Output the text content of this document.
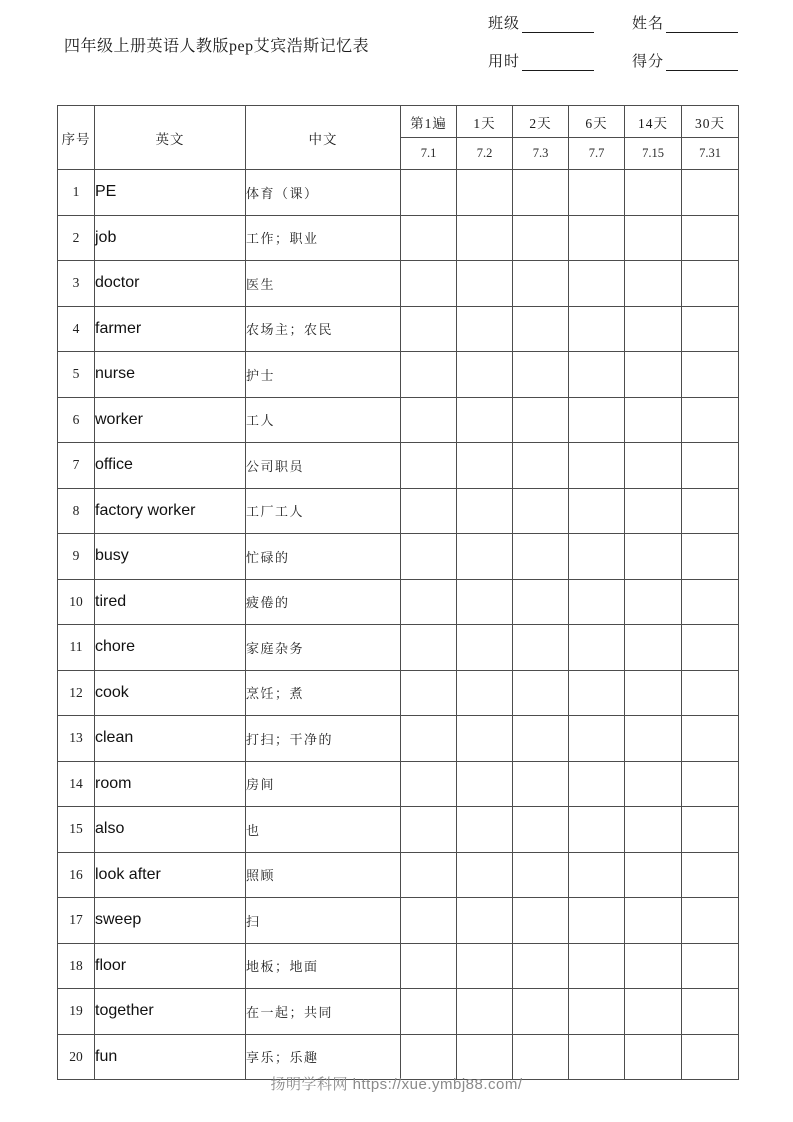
四年级上册英语人教版pep艾宾浩斯记忆表
班级	姓名
用时	得分
序号	英文	中文	第1遍	1天	2天	6天	14天	30天
			7.1	7.2	7.3	7.7	7.15	7.31
1	PE	体育（课）						
2	job	工作；职业						
3	doctor	医生						
4	farmer	农场主；农民						
5	nurse	护士						
6	worker	工人						
7	office	公司职员						
8	factory worker	工厂工人						
9	busy	忙碌的						
10	tired	疲倦的						
11	chore	家庭杂务						
12	cook	烹饪；煮						
13	clean	打扫；干净的						
14	room	房间						
15	also	也						
16	look after	照顾						
17	sweep	扫						
18	floor	地板；地面						
19	together	在一起；共同						
20	fun	享乐；乐趣						
扬明学科网 https://xue.ymbj88.com/
